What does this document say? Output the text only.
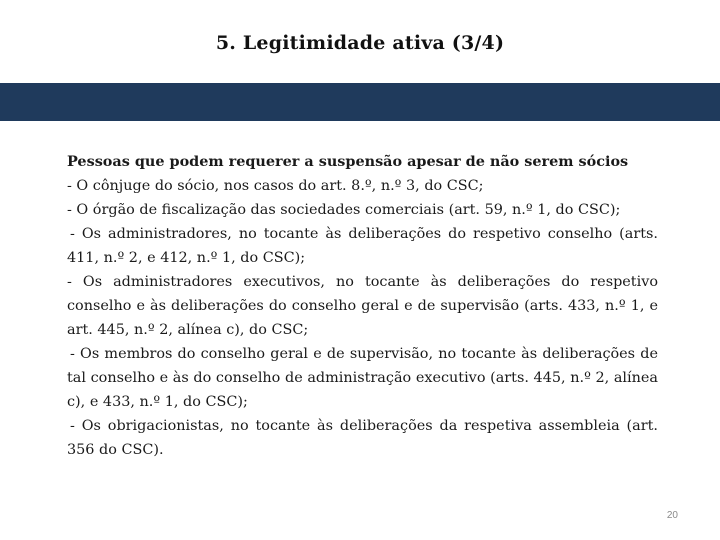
5. Legitimidade ativa (3/4)

Pessoas que podem requerer a suspensão apesar de não serem sócios

- O cônjuge do sócio, nos casos do art. 8.º, n.º 3, do CSC;

- O órgão de fiscalização das sociedades comerciais (art. 59, n.º 1, do CSC);

- Os administradores, no tocante às deliberações do respetivo conselho (arts. 411, n.º 2, e 412, n.º 1, do CSC);

- Os administradores executivos, no tocante às deliberações do respetivo conselho e às deliberações do conselho geral e de supervisão (arts. 433, n.º 1, e art. 445, n.º 2, alínea c), do CSC;

- Os membros do conselho geral e de supervisão, no tocante às deliberações de tal conselho e às do conselho de administração executivo (arts. 445, n.º 2, alínea c), e 433, n.º 1, do CSC);

- Os obrigacionistas, no tocante às deliberações da respetiva assembleia (art. 356 do CSC).

20
